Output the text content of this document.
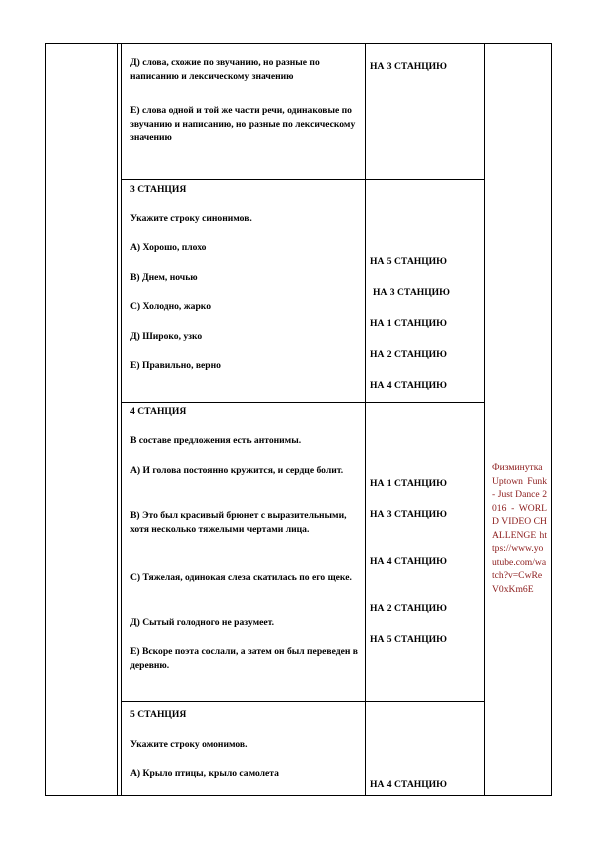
Д) слова, схожие по звучанию, но разные по написанию и лексическому значению
Е) слова одной и той же части речи, одинаковые по звучанию и написанию, но разные по лексическому значению
НА 3 СТАНЦИЮ
3 СТАНЦИЯ
Укажите строку синонимов.
А) Хорошо, плохо
В) Днем, ночью
С) Холодно, жарко
Д) Широко, узко
Е) Правильно, верно
НА 5 СТАНЦИЮ
НА 3 СТАНЦИЮ
НА 1 СТАНЦИЮ
НА 2 СТАНЦИЮ
НА 4 СТАНЦИЮ
4 СТАНЦИЯ
В составе предложения есть антонимы.
А) И голова постоянно кружится, и сердце болит.
В) Это был красивый брюнет с выразительными, хотя несколько тяжелыми чертами лица.
С) Тяжелая, одинокая слеза скатилась по его щеке.
Д) Сытый голодного не разумеет.
Е) Вскоре поэта сослали, а затем он был переведен в деревню.
НА 1 СТАНЦИЮ
НА 3 СТАНЦИЮ
НА 4 СТАНЦИЮ
НА 2 СТАНЦИЮ
НА 5 СТАНЦИЮ
5 СТАНЦИЯ
Укажите строку омонимов.
А) Крыло птицы, крыло самолета
НА 4 СТАНЦИЮ
Физминутка Uptown Funk - Just Dance 2016 - WORLD VIDEO CHALLENGE https://www.youtube.com/watch?v=CwReV0xKm6E
